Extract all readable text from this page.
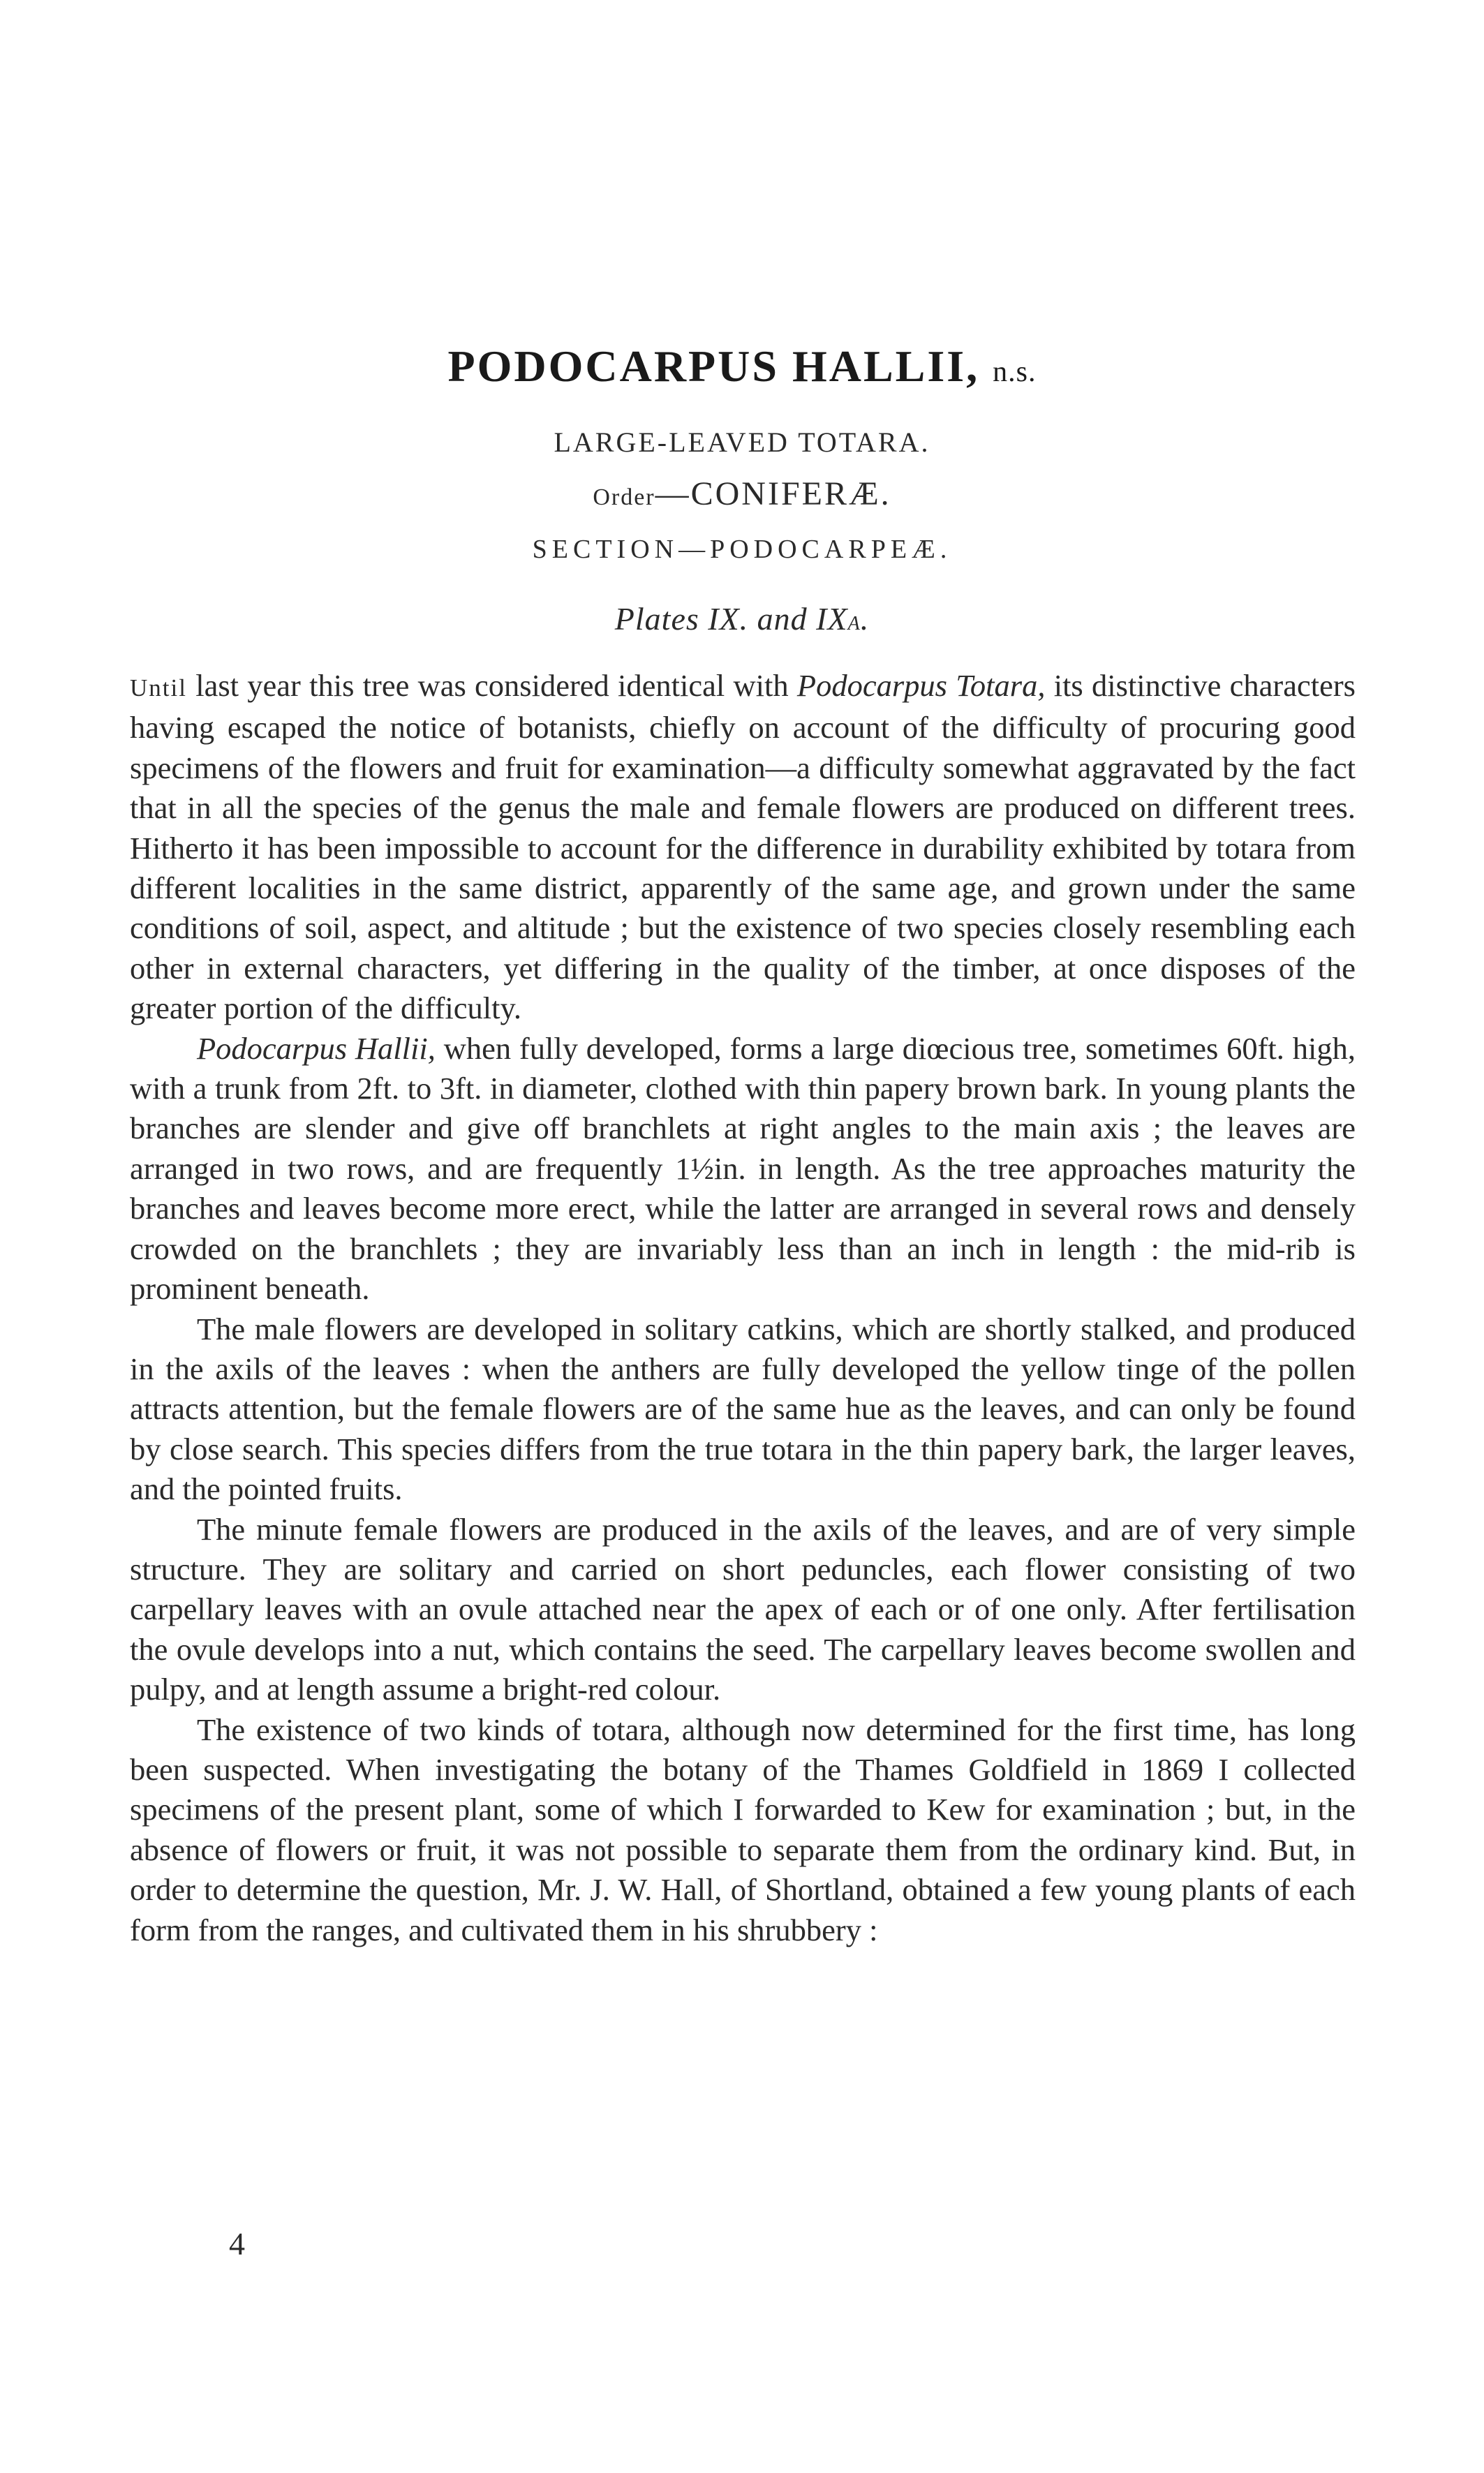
PODOCARPUS HALLII, n.s.
LARGE-LEAVED TOTARA.
Order—CONIFERÆ.
SECTION—PODOCARPEÆ.
Plates IX. and IXA.

Until last year this tree was considered identical with Podocarpus Totara, its distinctive characters having escaped the notice of botanists, chiefly on account of the difficulty of procuring good specimens of the flowers and fruit for examination—a difficulty somewhat aggravated by the fact that in all the species of the genus the male and female flowers are produced on different trees. Hitherto it has been impossible to account for the difference in durability exhibited by totara from different localities in the same district, apparently of the same age, and grown under the same conditions of soil, aspect, and altitude ; but the existence of two species closely resembling each other in external characters, yet differing in the quality of the timber, at once disposes of the greater portion of the difficulty.

Podocarpus Hallii, when fully developed, forms a large diœcious tree, sometimes 60ft. high, with a trunk from 2ft. to 3ft. in diameter, clothed with thin papery brown bark. In young plants the branches are slender and give off branchlets at right angles to the main axis ; the leaves are arranged in two rows, and are frequently 1½in. in length. As the tree approaches maturity the branches and leaves become more erect, while the latter are arranged in several rows and densely crowded on the branchlets ; they are invariably less than an inch in length : the mid-rib is prominent beneath.

The male flowers are developed in solitary catkins, which are shortly stalked, and produced in the axils of the leaves : when the anthers are fully developed the yellow tinge of the pollen attracts attention, but the female flowers are of the same hue as the leaves, and can only be found by close search. This species differs from the true totara in the thin papery bark, the larger leaves, and the pointed fruits.

The minute female flowers are produced in the axils of the leaves, and are of very simple structure. They are solitary and carried on short peduncles, each flower consisting of two carpellary leaves with an ovule attached near the apex of each or of one only. After fertilisation the ovule develops into a nut, which contains the seed. The carpellary leaves become swollen and pulpy, and at length assume a bright-red colour.

The existence of two kinds of totara, although now determined for the first time, has long been suspected. When investigating the botany of the Thames Goldfield in 1869 I collected specimens of the present plant, some of which I forwarded to Kew for examination ; but, in the absence of flowers or fruit, it was not possible to separate them from the ordinary kind. But, in order to determine the question, Mr. J. W. Hall, of Shortland, obtained a few young plants of each form from the ranges, and cultivated them in his shrubbery :

4
